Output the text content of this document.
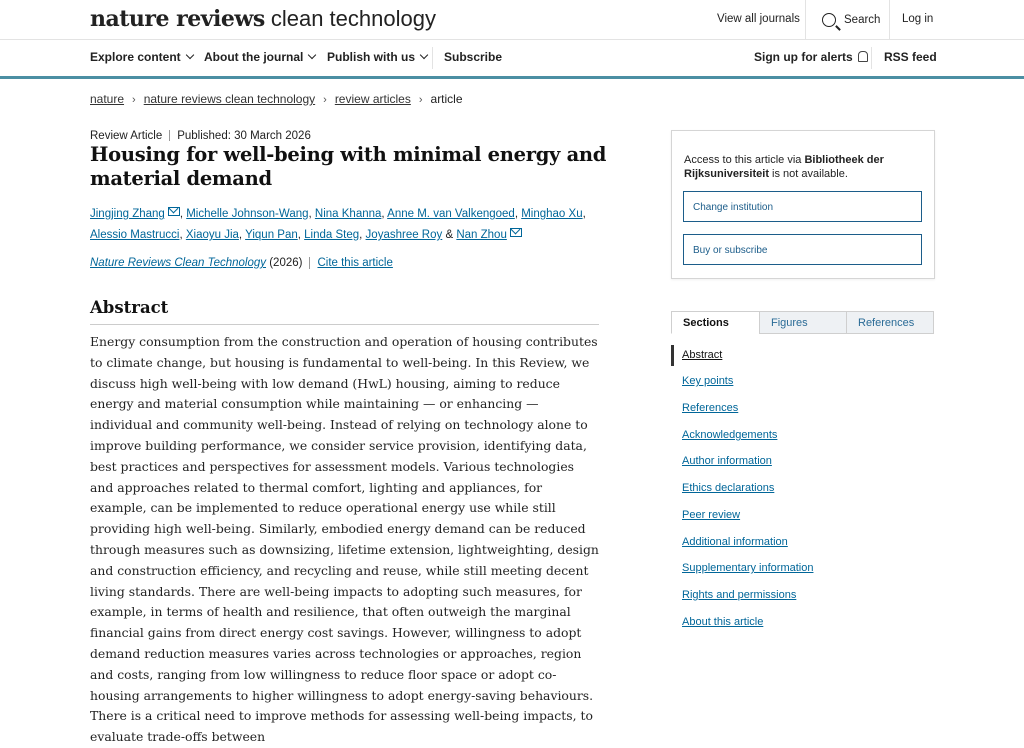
nature reviews clean technology	View all journals	Search Log in
Explore content	About the journal	Publish with us	Subscribe	Sign up for alerts	RSS feed
nature › nature reviews clean technology › review articles › article
Review Article Published: 30 March 2026
Housing for well-being with minimal energy and material demand
Jingjing Zhang , Michelle Johnson-Wang, Nina Khanna, Anne M. van Valkengoed, Minghao Xu,
Alessio Mastrucci, Xiaoyu Jia, Yiqun Pan, Linda Steg, Joyashree Roy & Nan Zhou
Nature Reviews Clean Technology (2026) Cite this article
Abstract

Energy consumption from the construction and operation of housing contributes to climate change, but housing is fundamental to well-being. In this Review, we discuss high well-being with low demand (HwL) housing, aiming to reduce energy and material consumption while maintaining — or enhancing — individual and community well-being. Instead of relying on technology alone to improve building performance, we consider service provision, identifying data, best practices and perspectives for assessment models. Various technologies and approaches related to thermal comfort, lighting and appliances, for example, can be implemented to reduce operational energy use while still providing high well-being. Similarly, embodied energy demand can be reduced through measures such as downsizing, lifetime extension, lightweighting, design and construction efficiency, and recycling and reuse, while still meeting decent living standards. There are well-being impacts to adopting such measures, for example, in terms of health and resilience, that often outweigh the marginal financial gains from direct energy cost savings. However, willingness to adopt demand reduction measures varies across technologies or approaches, region and costs, ranging from low willingness to reduce floor space or adopt co-housing arrangements to higher willingness to adopt energy-saving behaviours. There is a critical need to improve methods for assessing well-being impacts, to evaluate trade-offs between

Access to this article via Bibliotheek der Rijksuniversiteit is not available.
Change institution
Buy or subscribe
Sections	Figures	References
Abstract
Key points
References
Acknowledgements
Author information
Ethics declarations
Peer review
Additional information
Supplementary information
Rights and permissions
About this article
